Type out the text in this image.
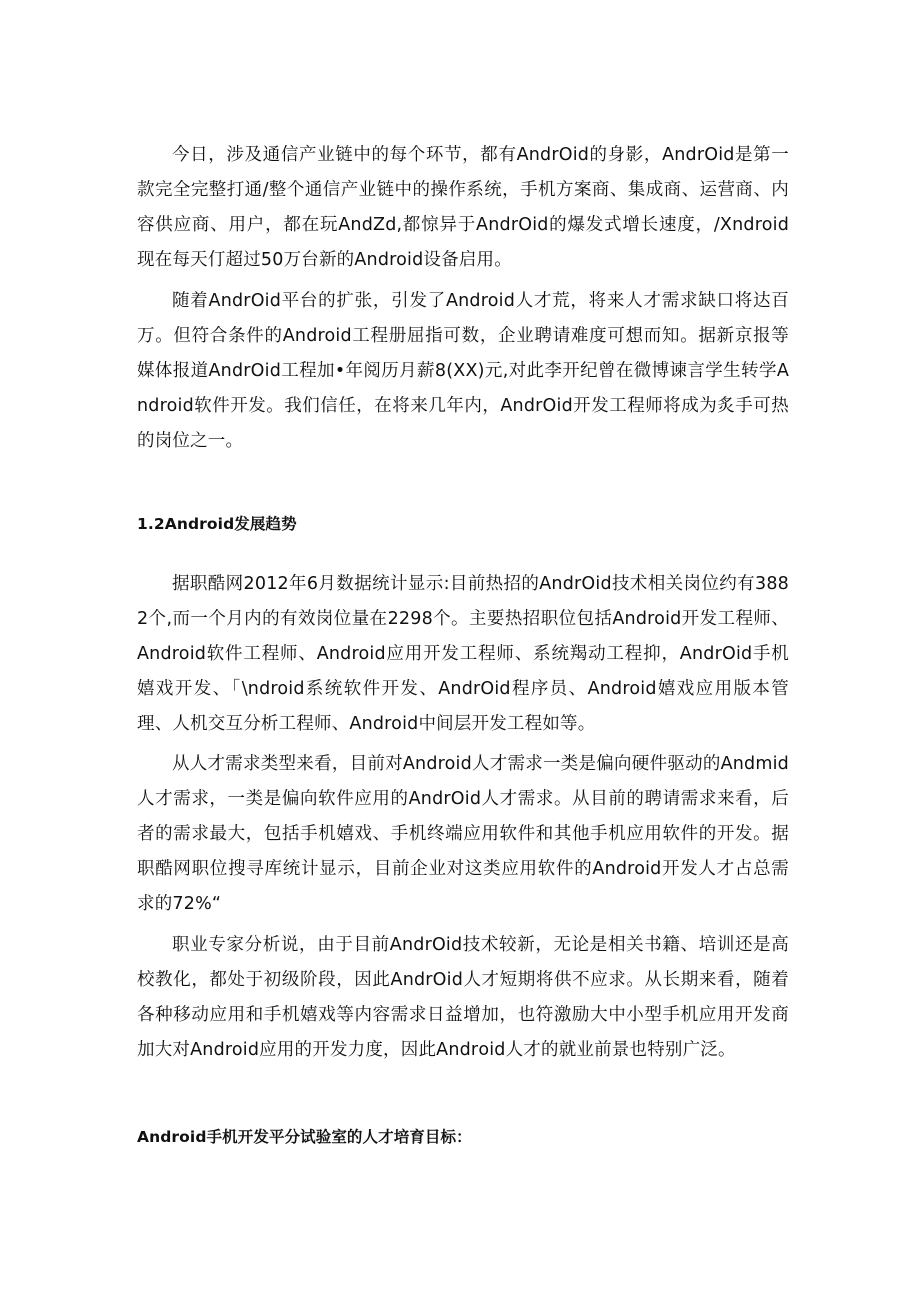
今日，涉及通信产业链中的每个环节，都有AndrOid的身影，AndrOid是第一款完全完整打通/整个通信产业链中的操作系统，手机方案商、集成商、运营商、内容供应商、用户，都在玩AndZd,都惊异于AndrOid的爆发式增长速度，/Xndroid现在每天仃超过50万台新的Android设备启用。

随着AndrOid平台的扩张，引发了Android人才荒，将来人才需求缺口将达百万。但符合条件的Android工程册屈指可数，企业聘请难度可想而知。据新京报等媒体报道AndrOid工程加•年阅历月薪8(XX)元,对此李开纪曾在微博谏言学生转学Android软件开发。我们信任，在将来几年内，AndrOid开发工程师将成为炙手可热的岗位之一。

1.2Android发展趋势

据职酷网2012年6月数据统计显示:目前热招的AndrOid技术相关岗位约有3882个,而一个月内的有效岗位量在2298个。主要热招职位包括Android开发工程师、Android软件工程师、Android应用开发工程师、系统羯动工程抑，AndrOid手机嬉戏开发、「\ndroid系统软件开发、AndrOid程序员、Android嬉戏应用版本管理、人机交互分析工程师、Android中间层开发工程如等。

从人才需求类型来看，目前对Android人才需求一类是偏向硬件驱动的Andmid人才需求，一类是偏向软件应用的AndrOid人才需求。从目前的聘请需求来看，后者的需求最大，包括手机嬉戏、手机终端应用软件和其他手机应用软件的开发。据职酷网职位搜寻库统计显示，目前企业对这类应用软件的Android开发人才占总需求的72%“

职业专家分析说，由于目前AndrOid技术较新，无论是相关书籍、培训还是高校教化，都处于初级阶段，因此AndrOid人才短期将供不应求。从长期来看，随着各种移动应用和手机嬉戏等内容需求日益增加，也符激励大中小型手机应用开发商加大对Android应用的开发力度，因此Andrοid人才的就业前景也特别广泛。

Android手机开发平分试验室的人才培育目标：
